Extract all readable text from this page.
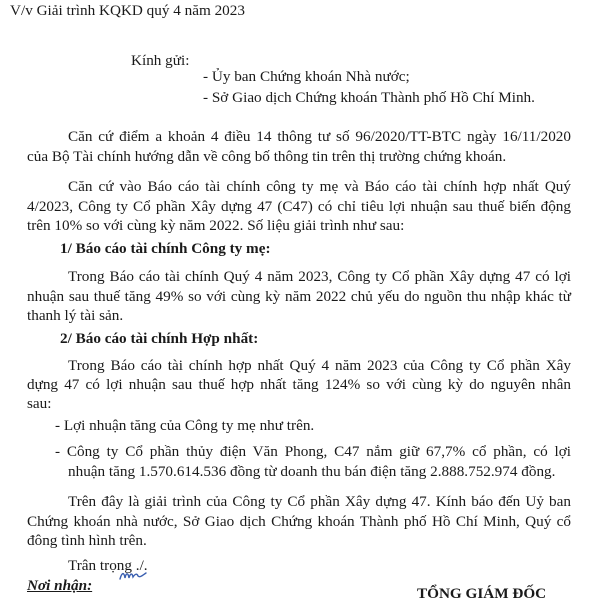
V/v Giải trình KQKD quý 4 năm 2023
Kính gửi:
- Ủy ban Chứng khoán Nhà nước;
- Sở Giao dịch Chứng khoán Thành phố Hồ Chí Minh.
Căn cứ điểm a khoản 4 điều 14 thông tư số 96/2020/TT-BTC ngày 16/11/2020
của Bộ Tài chính hướng dẫn về công bố thông tin trên thị trường chứng khoán.
Căn cứ vào Báo cáo tài chính công ty mẹ và Báo cáo tài chính hợp nhất Quý
4/2023, Công ty Cổ phần Xây dựng 47 (C47) có chỉ tiêu lợi nhuận sau thuế biến động
trên 10% so với cùng kỳ năm 2022. Số liệu giải trình như sau:
1/ Báo cáo tài chính Công ty mẹ:
Trong Báo cáo tài chính Quý 4 năm 2023, Công ty Cổ phần Xây dựng 47 có lợi
nhuận sau thuế tăng 49% so với cùng kỳ năm 2022 chủ yếu do nguồn thu nhập khác từ
thanh lý tài sản.
2/ Báo cáo tài chính Hợp nhất:
Trong Báo cáo tài chính hợp nhất Quý 4 năm 2023 của Công ty Cổ phần Xây
dựng 47 có lợi nhuận sau thuế hợp nhất tăng 124% so với cùng kỳ do nguyên nhân
sau:
- Lợi nhuận tăng của Công ty mẹ như trên.
- Công ty Cổ phần thủy điện Văn Phong, C47 nắm giữ 67,7% cổ phần, có lợi
nhuận tăng 1.570.614.536 đồng từ doanh thu bán điện tăng 2.888.752.974 đồng.
Trên đây là giải trình của Công ty Cổ phần Xây dựng 47. Kính báo đến Uỷ ban
Chứng khoán nhà nước, Sở Giao dịch Chứng khoán Thành phố Hồ Chí Minh, Quý cổ
đông tình hình trên.
Trân trọng ./.
Nơi nhận:	TỔNG GIÁM ĐỐC
